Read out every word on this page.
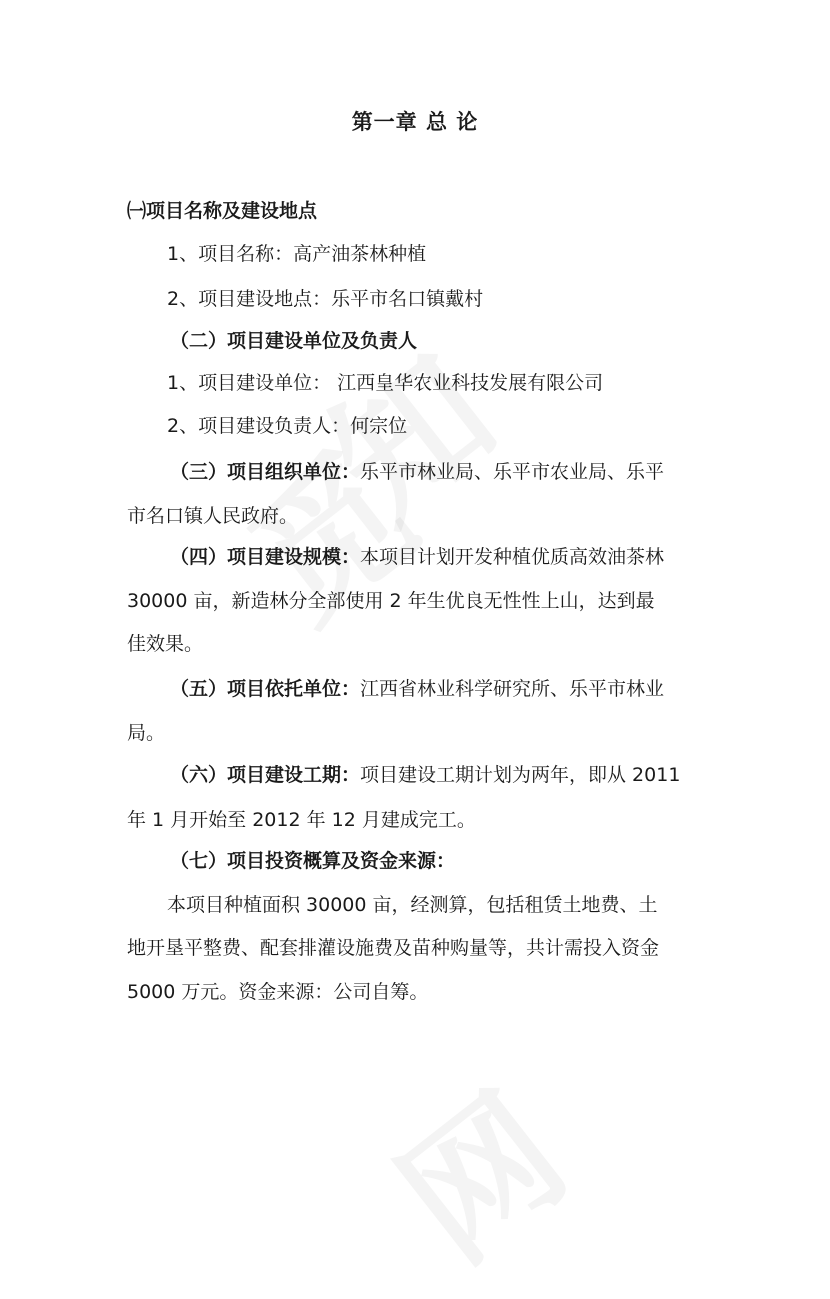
第一章 总 论
㈠项目名称及建设地点
1、项目名称：高产油茶林种植
2、项目建设地点：乐平市名口镇戴村
（二）项目建设单位及负责人
1、项目建设单位： 江西皇华农业科技发展有限公司
2、项目建设负责人：何宗位
（三）项目组织单位：乐平市林业局、乐平市农业局、乐平
市名口镇人民政府。
（四）项目建设规模：本项目计划开发种植优质高效油茶林
30000 亩，新造林分全部使用 2 年生优良无性性上山，达到最
佳效果。
（五）项目依托单位：江西省林业科学研究所、乐平市林业
局。
（六）项目建设工期：项目建设工期计划为两年，即从 2011
年 1 月开始至 2012 年 12 月建成完工。
（七）项目投资概算及资金来源：
本项目种植面积 30000 亩，经测算，包括租赁土地费、土
地开垦平整费、配套排灌设施费及苗种购量等，共计需投入资金
5000 万元。资金来源：公司自筹。
